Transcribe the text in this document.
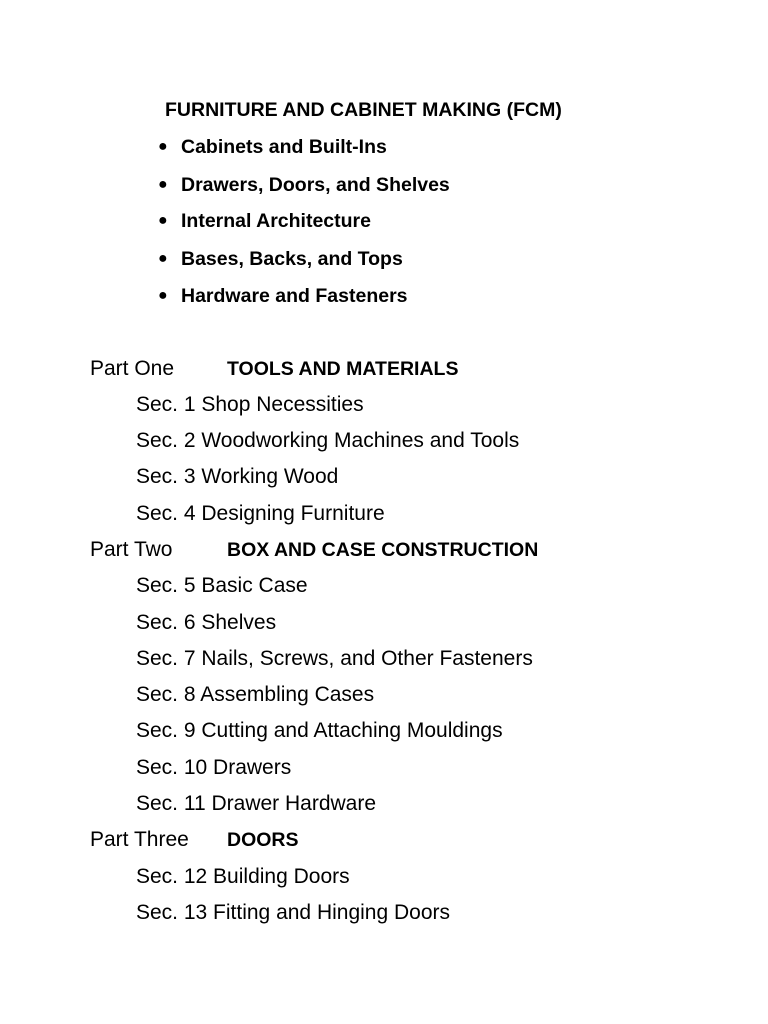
FURNITURE AND CABINET MAKING (FCM)
● Cabinets and Built-Ins
● Drawers, Doors, and Shelves
● Internal Architecture
● Bases, Backs, and Tops
● Hardware and Fasteners
Part One	TOOLS AND MATERIALS
Sec. 1 Shop Necessities
Sec. 2 Woodworking Machines and Tools
Sec. 3 Working Wood
Sec. 4 Designing Furniture
Part Two	BOX AND CASE CONSTRUCTION
Sec. 5 Basic Case
Sec. 6 Shelves
Sec. 7 Nails, Screws, and Other Fasteners
Sec. 8 Assembling Cases
Sec. 9 Cutting and Attaching Mouldings
Sec. 10 Drawers
Sec. 11 Drawer Hardware
Part Three DOORS
Sec. 12 Building Doors
Sec. 13 Fitting and Hinging Doors
